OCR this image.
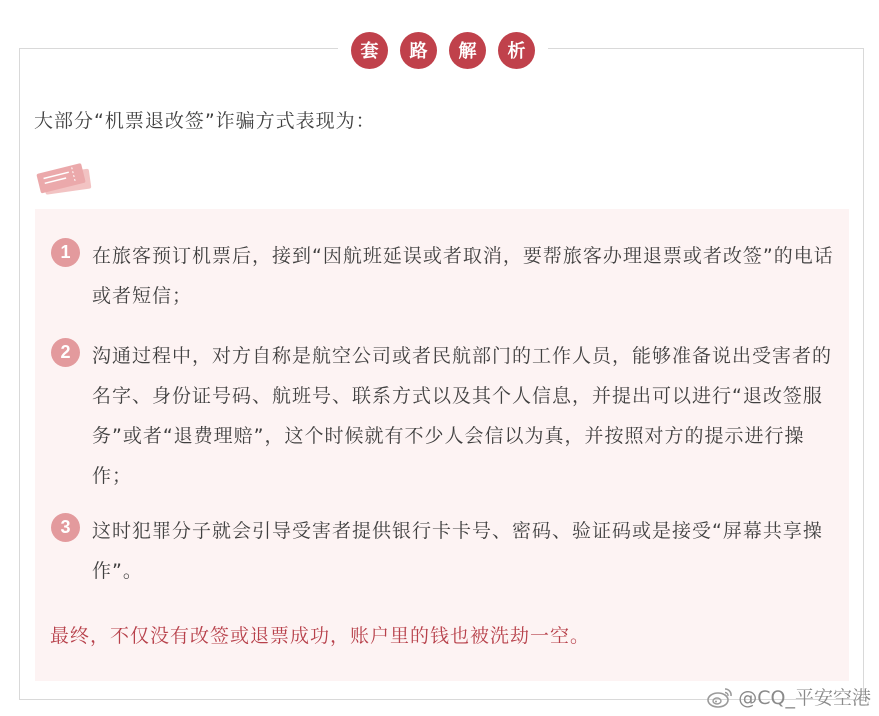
套	路	解	析
大部分“机票退改签”诈骗方式表现为：
1	在旅客预订机票后，接到“因航班延误或者取消，要帮旅客办理退票或者改签”的电话或者短信；
2	沟通过程中，对方自称是航空公司或者民航部门的工作人员，能够准备说出受害者的名字、身份证号码、航班号、联系方式以及其个人信息，并提出可以进行“退改签服务”或者“退费理赔”，这个时候就有不少人会信以为真，并按照对方的提示进行操作；
3	这时犯罪分子就会引导受害者提供银行卡卡号、密码、验证码或是接受“屏幕共享操作”。
最终，不仅没有改签或退票成功，账户里的钱也被洗劫一空。
@CQ_平安空港
